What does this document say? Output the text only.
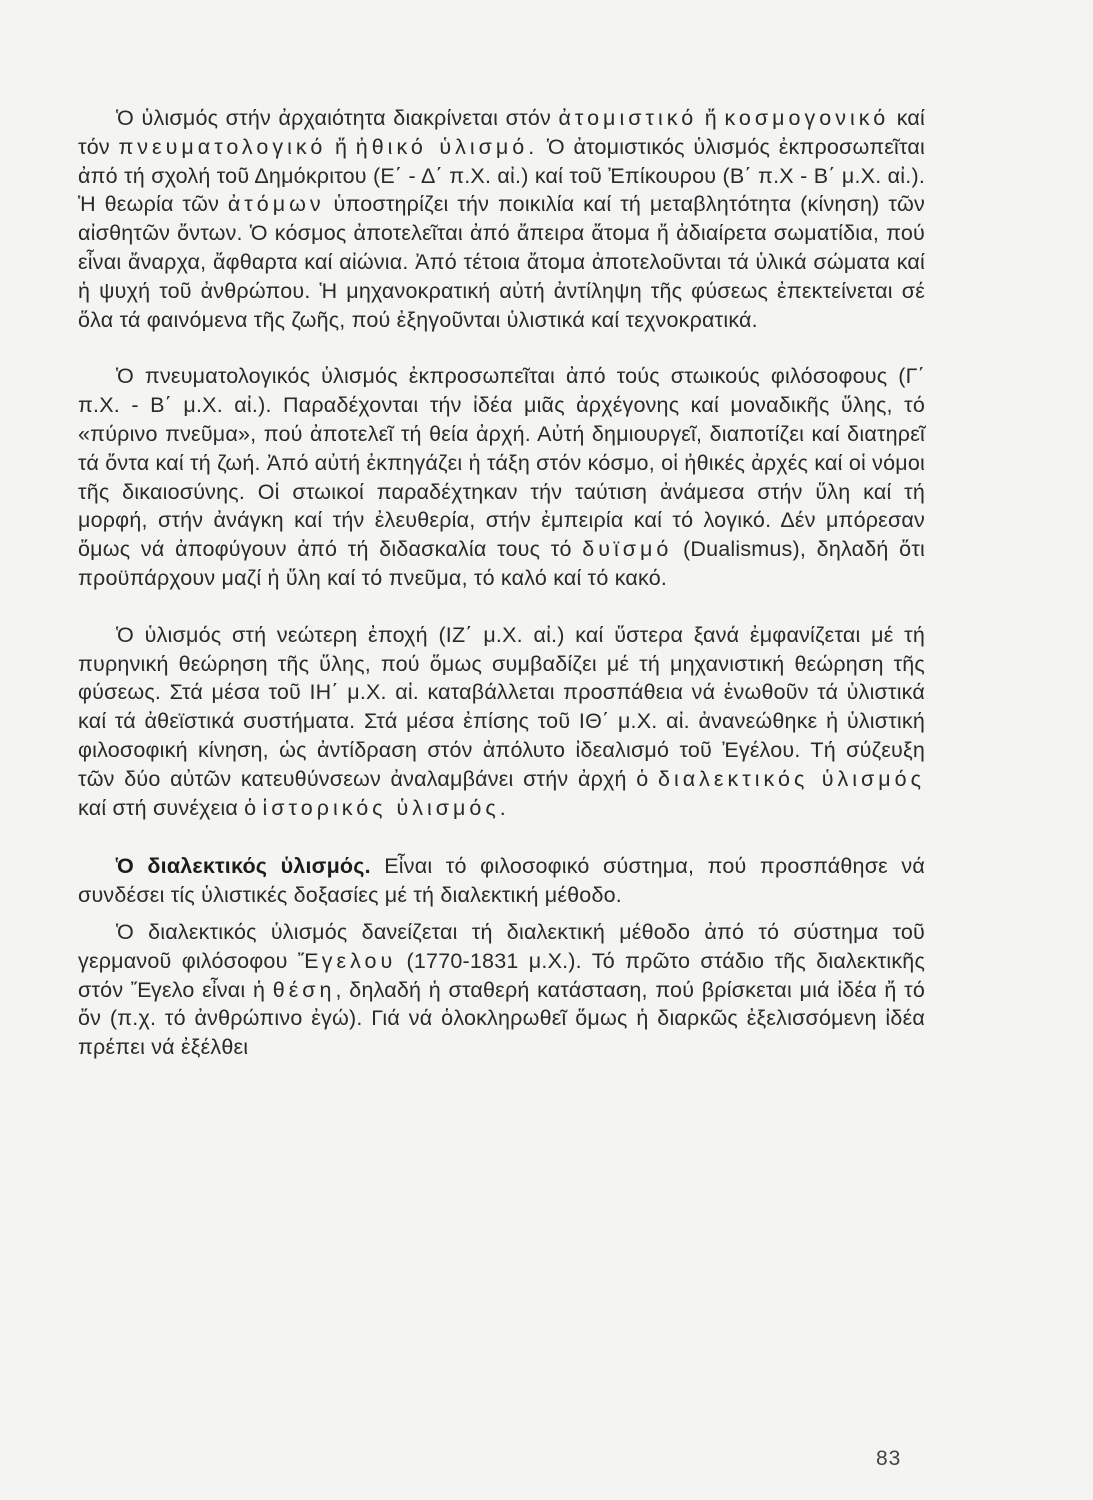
Ὁ ὑλισμός στήν ἀρχαιότητα διακρίνεται στόν ἀτομιστικό ἤ κοσμογονικό καί τόν πνευματολογικό ἤ ἠθικό ὑλισμό. Ὁ ἀτομιστικός ὑλισμός ἐκπροσωπεῖται ἀπό τή σχολή τοῦ Δημόκριτου (Ε΄ - Δ΄ π.Χ. αἰ.) καί τοῦ Ἐπίκουρου (Β΄ π.Χ - Β΄ μ.Χ. αἰ.). Ἡ θεωρία τῶν ἀτόμων ὑποστηρίζει τήν ποικιλία καί τή μεταβλητότητα (κίνηση) τῶν αἰσθητῶν ὄντων. Ὁ κόσμος ἀποτελεῖται ἀπό ἄπειρα ἄτομα ἤ ἀδιαίρετα σωματίδια, πού εἶναι ἄναρχα, ἄφθαρτα καί αἰώνια. Ἀπό τέτοια ἄτομα ἀποτελοῦνται τά ὑλικά σώματα καί ἡ ψυχή τοῦ ἀνθρώπου. Ἡ μηχανοκρατική αὐτή ἀντίληψη τῆς φύσεως ἐπεκτείνεται σέ ὅλα τά φαινόμενα τῆς ζωῆς, πού ἐξηγοῦνται ὑλιστικά καί τεχνοκρατικά.

Ὁ πνευματολογικός ὑλισμός ἐκπροσωπεῖται ἀπό τούς στωικούς φιλόσοφους (Γ΄ π.Χ. - Β΄ μ.Χ. αἰ.). Παραδέχονται τήν ἰδέα μιᾶς ἀρχέγονης καί μοναδικῆς ὕλης, τό «πύρινο πνεῦμα», πού ἀποτελεῖ τή θεία ἀρχή. Αὐτή δημιουργεῖ, διαποτίζει καί διατηρεῖ τά ὄντα καί τή ζωή. Ἀπό αὐτή ἐκπηγάζει ἡ τάξη στόν κόσμο, οἱ ἠθικές ἀρχές καί οἱ νόμοι τῆς δικαιοσύνης. Οἱ στωικοί παραδέχτηκαν τήν ταύτιση ἀνάμεσα στήν ὕλη καί τή μορφή, στήν ἀνάγκη καί τήν ἐλευθερία, στήν ἐμπειρία καί τό λογικό. Δέν μπόρεσαν ὅμως νά ἀποφύγουν ἀπό τή διδασκαλία τους τό δυϊσμό (Dualismus), δηλαδή ὅτι προϋπάρχουν μαζί ἡ ὕλη καί τό πνεῦμα, τό καλό καί τό κακό.

Ὁ ὑλισμός στή νεώτερη ἐποχή (ΙΖ΄ μ.Χ. αἰ.) καί ὕστερα ξανά ἐμφανίζεται μέ τή πυρηνική θεώρηση τῆς ὕλης, πού ὅμως συμβαδίζει μέ τή μηχανιστική θεώρηση τῆς φύσεως. Στά μέσα τοῦ ΙΗ΄ μ.Χ. αἰ. καταβάλλεται προσπάθεια νά ἑνωθοῦν τά ὑλιστικά καί τά ἀθεϊστικά συστήματα. Στά μέσα ἐπίσης τοῦ ΙΘ΄ μ.Χ. αἰ. ἀνανεώθηκε ἡ ὑλιστική φιλοσοφική κίνηση, ὡς ἀντίδραση στόν ἀπόλυτο ἰδεαλισμό τοῦ Ἐγέλου. Τή σύζευξη τῶν δύο αὐτῶν κατευθύνσεων ἀναλαμβάνει στήν ἀρχή ὁ διαλεκτικός ὑλισμός καί στή συνέχεια ὁ ἱστορικός ὑλισμός.

Ὁ διαλεκτικός ὑλισμός. Εἶναι τό φιλοσοφικό σύστημα, πού προσπάθησε νά συνδέσει τίς ὑλιστικές δοξασίες μέ τή διαλεκτική μέθοδο.

Ὁ διαλεκτικός ὑλισμός δανείζεται τή διαλεκτική μέθοδο ἀπό τό σύστημα τοῦ γερμανοῦ φιλόσοφου Ἔγελου (1770-1831 μ.Χ.). Τό πρῶτο στάδιο τῆς διαλεκτικῆς στόν Ἔγελο εἶναι ἡ θέση, δηλαδή ἡ σταθερή κατάσταση, πού βρίσκεται μιά ἰδέα ἤ τό ὄν (π.χ. τό ἀνθρώπινο ἐγώ). Γιά νά ὁλοκληρωθεῖ ὅμως ἡ διαρκῶς ἐξελισσόμενη ἰδέα πρέπει νά ἐξέλθει

83
